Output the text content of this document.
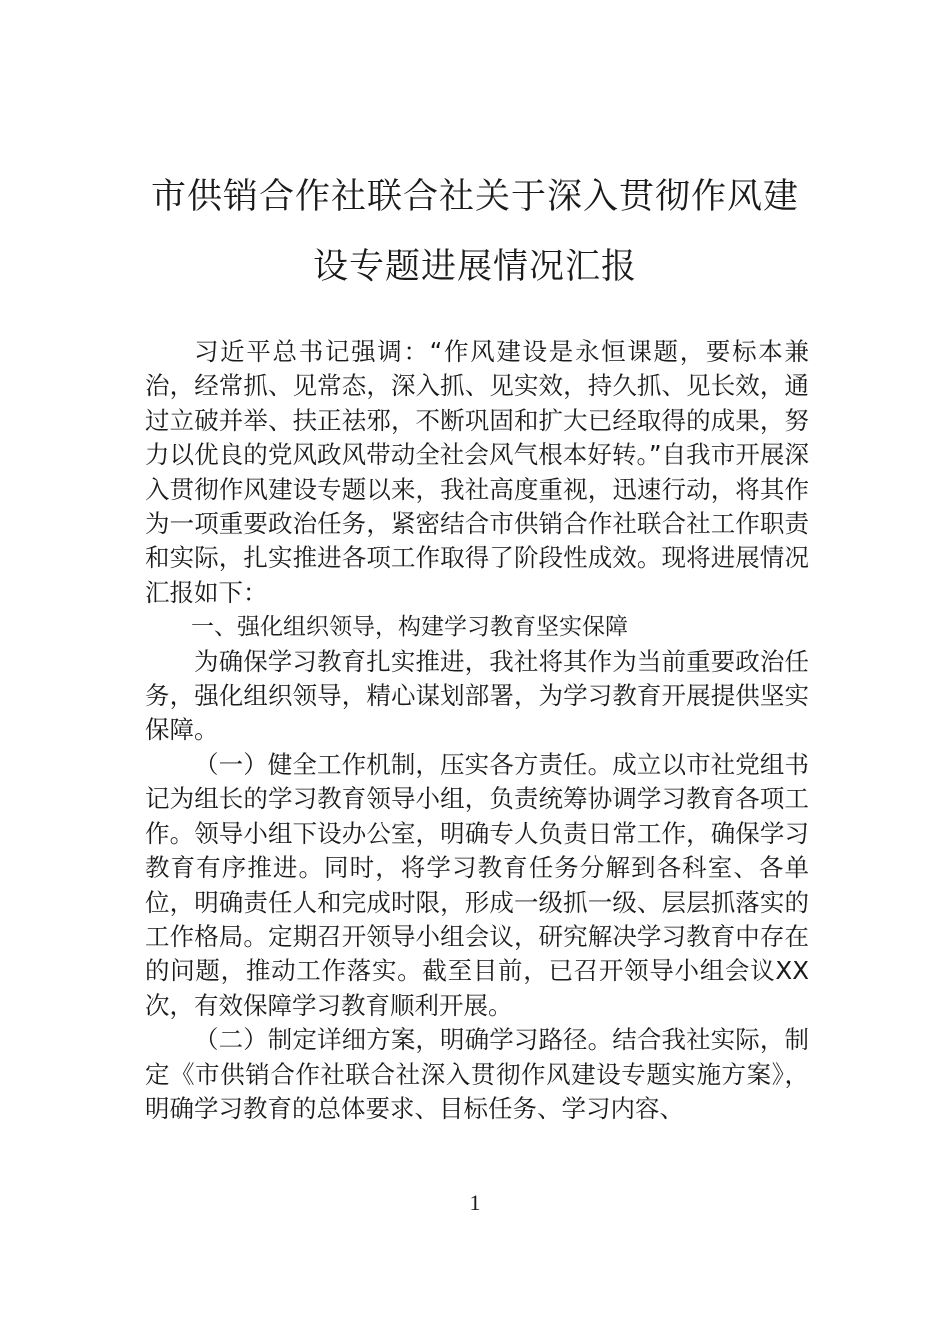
市供销合作社联合社关于深入贯彻作风建
设专题进展情况汇报

习近平总书记强调：“作风建设是永恒课题，要标本兼治，经常抓、见常态，深入抓、见实效，持久抓、见长效，通过立破并举、扶正祛邪，不断巩固和扩大已经取得的成果，努力以优良的党风政风带动全社会风气根本好转。”自我市开展深入贯彻作风建设专题以来，我社高度重视，迅速行动，将其作为一项重要政治任务，紧密结合市供销合作社联合社工作职责和实际，扎实推进各项工作取得了阶段性成效。现将进展情况汇报如下：

一、强化组织领导，构建学习教育坚实保障

为确保学习教育扎实推进，我社将其作为当前重要政治任务，强化组织领导，精心谋划部署，为学习教育开展提供坚实保障。

（一）健全工作机制，压实各方责任。成立以市社党组书记为组长的学习教育领导小组，负责统筹协调学习教育各项工作。领导小组下设办公室，明确专人负责日常工作，确保学习教育有序推进。同时，将学习教育任务分解到各科室、各单位，明确责任人和完成时限，形成一级抓一级、层层抓落实的工作格局。定期召开领导小组会议，研究解决学习教育中存在的问题，推动工作落实。截至目前，已召开领导小组会议XX次，有效保障学习教育顺利开展。

（二）制定详细方案，明确学习路径。结合我社实际，制定《市供销合作社联合社深入贯彻作风建设专题实施方案》，明确学习教育的总体要求、目标任务、学习内容、

1
